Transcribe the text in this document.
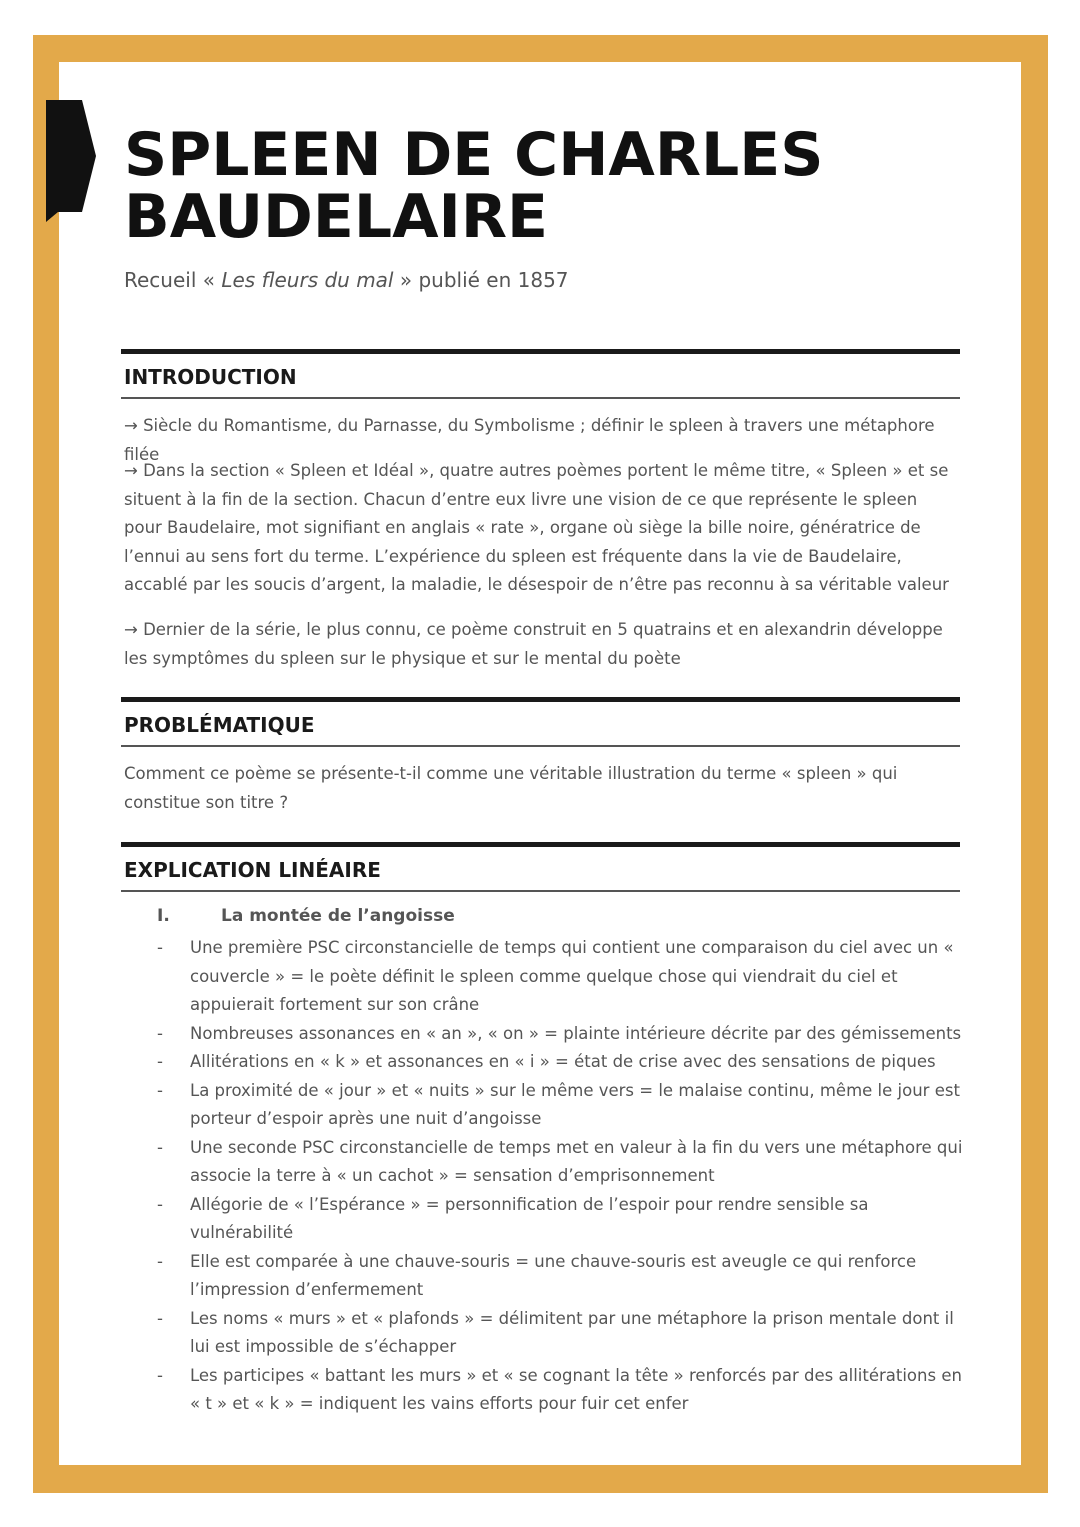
SPLEEN DE CHARLES
BAUDELAIRE

Recueil « Les fleurs du mal » publié en 1857

INTRODUCTION

→ Siècle du Romantisme, du Parnasse, du Symbolisme ; définir le spleen à travers une métaphore filée

→ Dans la section « Spleen et Idéal », quatre autres poèmes portent le même titre, « Spleen » et se situent à la fin de la section. Chacun d’entre eux livre une vision de ce que représente le spleen pour Baudelaire, mot signifiant en anglais « rate », organe où siège la bille noire, génératrice de l’ennui au sens fort du terme. L’expérience du spleen est fréquente dans la vie de Baudelaire, accablé par les soucis d’argent, la maladie, le désespoir de n’être pas reconnu à sa véritable valeur

→ Dernier de la série, le plus connu, ce poème construit en 5 quatrains et en alexandrin développe les symptômes du spleen sur le physique et sur le mental du poète

PROBLÉMATIQUE

Comment ce poème se présente-t-il comme une véritable illustration du terme « spleen » qui constitue son titre ?

EXPLICATION LINÉAIRE
I.	La montée de l’angoisse
- Une première PSC circonstancielle de temps qui contient une comparaison du ciel avec un « couvercle » = le poète définit le spleen comme quelque chose qui viendrait du ciel et appuierait fortement sur son crâne
- Nombreuses assonances en « an », « on » = plainte intérieure décrite par des gémissements
- Allitérations en « k » et assonances en « i » = état de crise avec des sensations de piques
- La proximité de « jour » et « nuits » sur le même vers = le malaise continu, même le jour est porteur d’espoir après une nuit d’angoisse
- Une seconde PSC circonstancielle de temps met en valeur à la fin du vers une métaphore qui associe la terre à « un cachot » = sensation d’emprisonnement
- Allégorie de « l’Espérance » = personnification de l’espoir pour rendre sensible sa vulnérabilité
- Elle est comparée à une chauve-souris = une chauve-souris est aveugle ce qui renforce l’impression d’enfermement
- Les noms « murs » et « plafonds » = délimitent par une métaphore la prison mentale dont il lui est impossible de s’échapper
- Les participes « battant les murs » et « se cognant la tête » renforcés par des allitérations en « t » et « k » = indiquent les vains efforts pour fuir cet enfer
